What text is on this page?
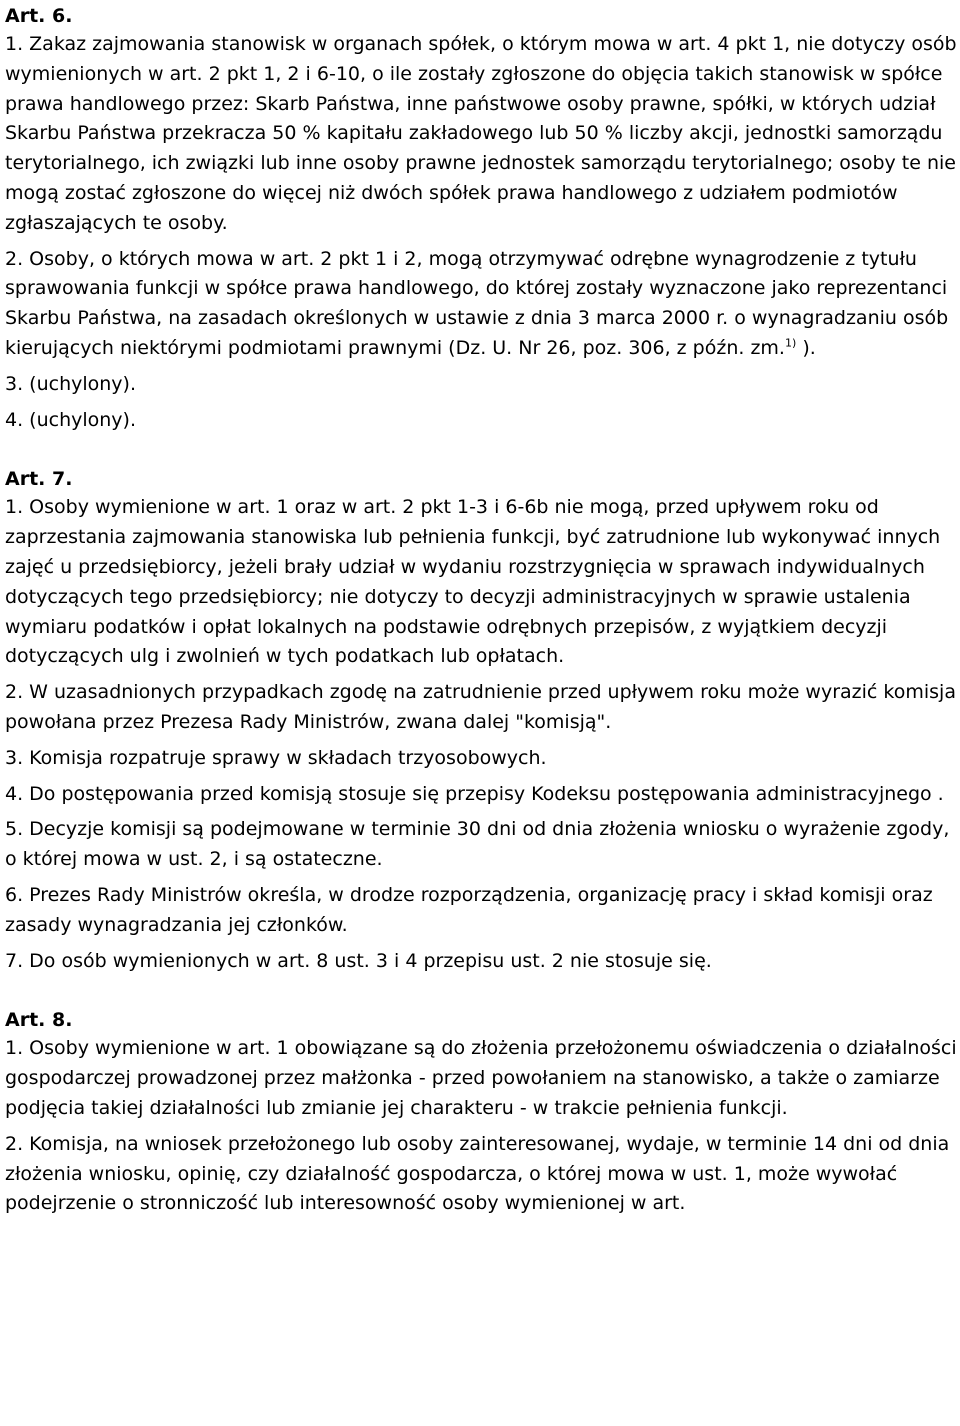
Art. 6.

1. Zakaz zajmowania stanowisk w organach spółek, o którym mowa w art. 4 pkt 1, nie dotyczy osób wymienionych w art. 2 pkt 1, 2 i 6-10, o ile zostały zgłoszone do objęcia takich stanowisk w spółce prawa handlowego przez: Skarb Państwa, inne państwowe osoby prawne, spółki, w których udział Skarbu Państwa przekracza 50 % kapitału zakładowego lub 50 % liczby akcji, jednostki samorządu terytorialnego, ich związki lub inne osoby prawne jednostek samorządu terytorialnego; osoby te nie mogą zostać zgłoszone do więcej niż dwóch spółek prawa handlowego z udziałem podmiotów zgłaszających te osoby.

2. Osoby, o których mowa w art. 2 pkt 1 i 2, mogą otrzymywać odrębne wynagrodzenie z tytułu sprawowania funkcji w spółce prawa handlowego, do której zostały wyznaczone jako reprezentanci Skarbu Państwa, na zasadach określonych w ustawie z dnia 3 marca 2000 r. o wynagradzaniu osób kierujących niektórymi podmiotami prawnymi (Dz. U. Nr 26, poz. 306, z późn. zm.$^{1)}$ ).

3. (uchylony).

4. (uchylony).

Art. 7.

1. Osoby wymienione w art. 1 oraz w art. 2 pkt 1-3 i 6-6b nie mogą, przed upływem roku od zaprzestania zajmowania stanowiska lub pełnienia funkcji, być zatrudnione lub wykonywać innych zajęć u przedsiębiorcy, jeżeli brały udział w wydaniu rozstrzygnięcia w sprawach indywidualnych dotyczących tego przedsiębiorcy; nie dotyczy to decyzji administracyjnych w sprawie ustalenia wymiaru podatków i opłat lokalnych na podstawie odrębnych przepisów, z wyjątkiem decyzji dotyczących ulg i zwolnień w tych podatkach lub opłatach.

2. W uzasadnionych przypadkach zgodę na zatrudnienie przed upływem roku może wyrazić komisja powołana przez Prezesa Rady Ministrów, zwana dalej "komisją".

3. Komisja rozpatruje sprawy w składach trzyosobowych.

4. Do postępowania przed komisją stosuje się przepisy Kodeksu postępowania administracyjnego .

5. Decyzje komisji są podejmowane w terminie 30 dni od dnia złożenia wniosku o wyrażenie zgody, o której mowa w ust. 2, i są ostateczne.

6. Prezes Rady Ministrów określa, w drodze rozporządzenia, organizację pracy i skład komisji oraz zasady wynagradzania jej członków.

7. Do osób wymienionych w art. 8 ust. 3 i 4 przepisu ust. 2 nie stosuje się.

Art. 8.

1. Osoby wymienione w art. 1 obowiązane są do złożenia przełożonemu oświadczenia o działalności gospodarczej prowadzonej przez małżonka - przed powołaniem na stanowisko, a także o zamiarze podjęcia takiej działalności lub zmianie jej charakteru - w trakcie pełnienia funkcji.

2. Komisja, na wniosek przełożonego lub osoby zainteresowanej, wydaje, w terminie 14 dni od dnia złożenia wniosku, opinię, czy działalność gospodarcza, o której mowa w ust. 1, może wywołać podejrzenie o stronniczość lub interesowność osoby wymienionej w art.
